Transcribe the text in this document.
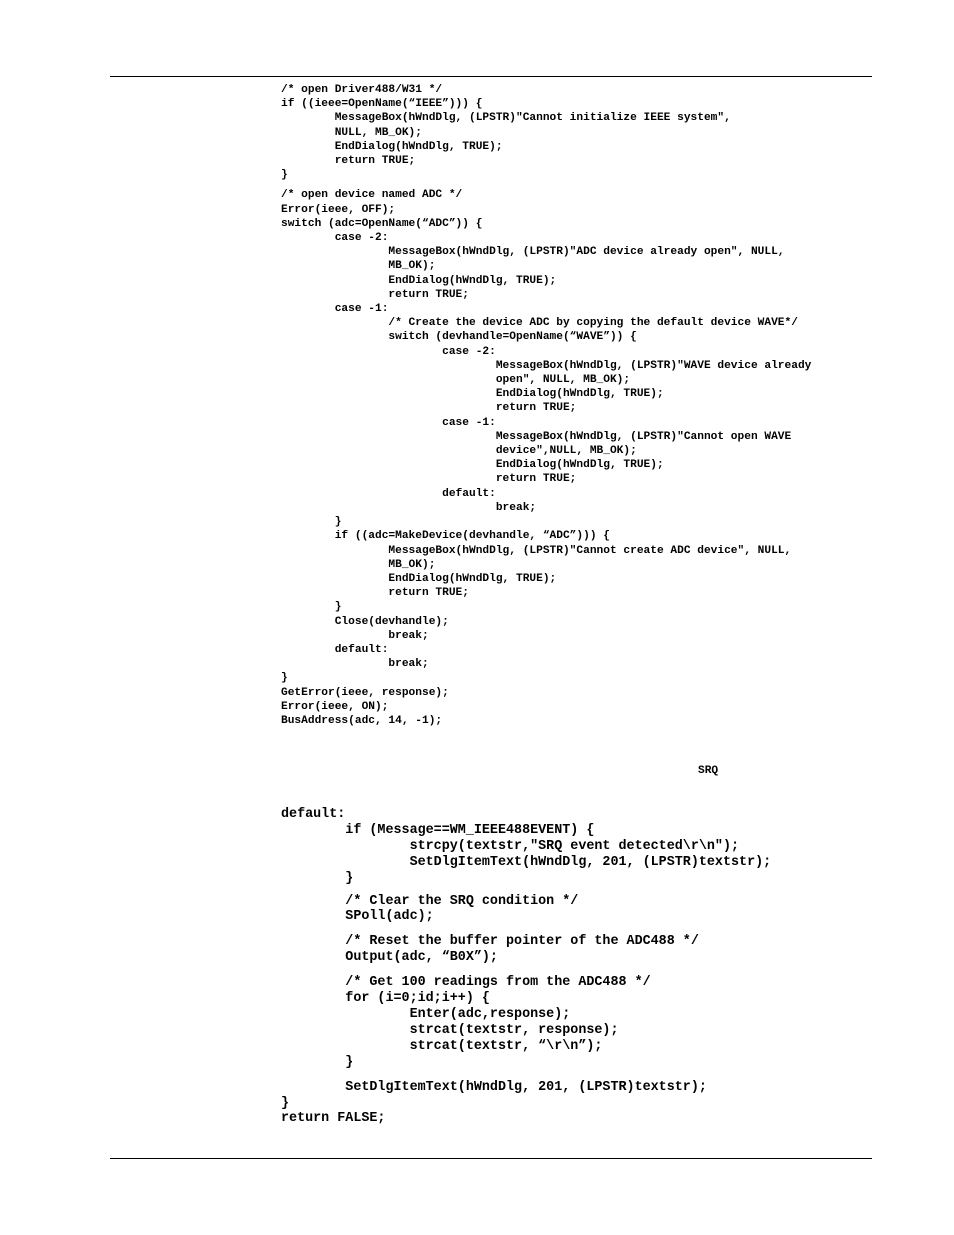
/* open Driver488/W31 */
if ((ieee=OpenName(“IEEE”))) {
MessageBox(hWndDlg, (LPSTR)"Cannot initialize IEEE system",
NULL, MB_OK);
EndDialog(hWndDlg, TRUE);
return TRUE;
}

/* open device named ADC */
Error(ieee, OFF);
switch (adc=OpenName(“ADC”)) {
case -2:
MessageBox(hWndDlg, (LPSTR)"ADC device already open", NULL,
MB_OK);
EndDialog(hWndDlg, TRUE);
return TRUE;
case -1:
/* Create the device ADC by copying the default device WAVE*/
switch (devhandle=OpenName(“WAVE”)) {
case -2:
MessageBox(hWndDlg, (LPSTR)"WAVE device already
open", NULL, MB_OK);
EndDialog(hWndDlg, TRUE);
return TRUE;
case -1:
MessageBox(hWndDlg, (LPSTR)"Cannot open WAVE
device",NULL, MB_OK);
EndDialog(hWndDlg, TRUE);
return TRUE;
default:
break;
}
if ((adc=MakeDevice(devhandle, “ADC”))) {
MessageBox(hWndDlg, (LPSTR)"Cannot create ADC device", NULL,
MB_OK);
EndDialog(hWndDlg, TRUE);
return TRUE;
}
Close(devhandle);
break;
default:
break;
}
GetError(ieee, response);
Error(ieee, ON);
BusAddress(adc, 14, -1);

SRQ

default:
if (Message==WM_IEEE488EVENT) {
strcpy(textstr,"SRQ event detected\r\n");
SetDlgItemText(hWndDlg, 201, (LPSTR)textstr);
}
/* Clear the SRQ condition */
SPoll(adc);
/* Reset the buffer pointer of the ADC488 */
Output(adc, “B0X”);
/* Get 100 readings from the ADC488 */
for (i=0;id;i++) {
Enter(adc,response);
strcat(textstr, response);
strcat(textstr, “\r\n”);
}
SetDlgItemText(hWndDlg, 201, (LPSTR)textstr);
}
return FALSE;
